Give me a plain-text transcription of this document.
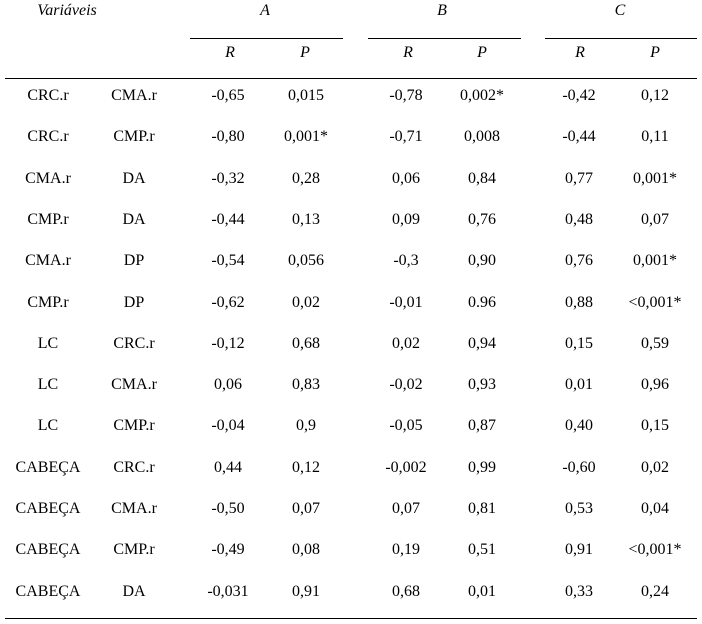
Variáveis	A	B	C
R	P	R	P	R	P
CRC.r	CMA.r	-0,65	0,015	-0,78	0,002*	-0,42	0,12
CRC.r	CMP.r	-0,80	0,001*	-0,71	0,008	-0,44	0,11
CMA.r	DA	-0,32	0,28	0,06	0,84	0,77	0,001*
CMP.r	DA	-0,44	0,13	0,09	0,76	0,48	0,07
CMA.r	DP	-0,54	0,056	-0,3	0,90	0,76	0,001*
CMP.r	DP	-0,62	0,02	-0,01	0.96	0,88	<0,001*
LC	CRC.r	-0,12	0,68	0,02	0,94	0,15	0,59
LC	CMA.r	0,06	0,83	-0,02	0,93	0,01	0,96
LC	CMP.r	-0,04	0,9	-0,05	0,87	0,40	0,15
CABEÇA	CRC.r	0,44	0,12	-0,002	0,99	-0,60	0,02
CABEÇA	CMA.r	-0,50	0,07	0,07	0,81	0,53	0,04
CABEÇA	CMP.r	-0,49	0,08	0,19	0,51	0,91	<0,001*
CABEÇA	DA	-0,031	0,91	0,68	0,01	0,33	0,24
